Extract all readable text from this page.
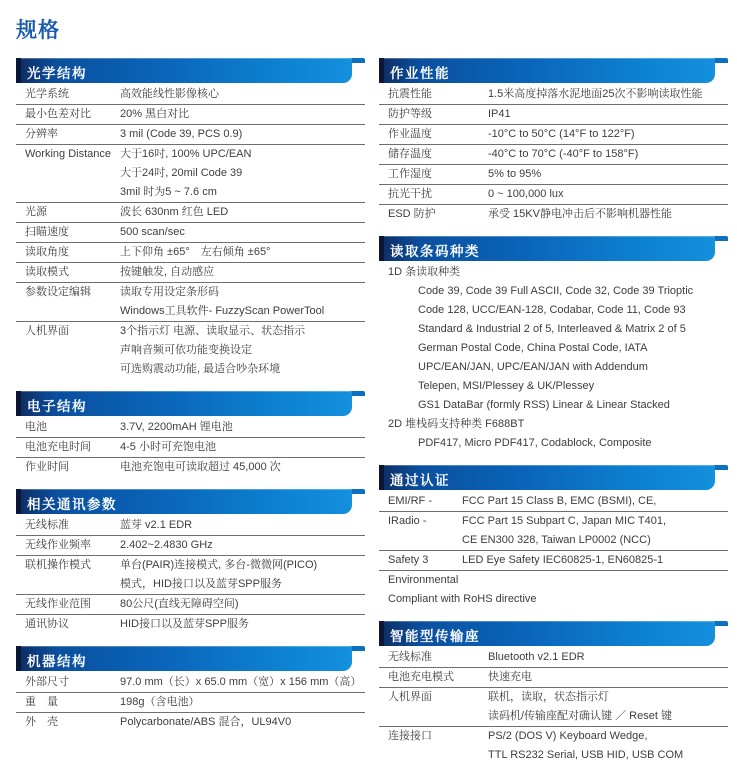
规格
光学结构
光学系统	高效能线性影像核心
最小色差对比	20% 黑白对比
分辨率	3 mil (Code 39, PCS 0.9)
Working Distance 大于16吋, 100% UPC/EAN
大于24吋, 20mil Code 39
3mil 时为5 ~ 7.6 cm
光源	波长 630nm 红色 LED
扫瞄速度	500 scan/sec
读取角度	上下仰角 ±65°　左右倾角 ±65°
读取模式	按键触发, 自动感应
参数设定编辑	读取专用设定条形码
Windows工具软件- FuzzyScan PowerTool
人机界面	3个指示灯 电源、读取显示、状态指示
声响音频可依功能变换设定
可选购震动功能, 最适合吵杂环境
电子结构
电池	3.7V, 2200mAH 锂电池
电池充电时间	4-5 小时可充饱电池
作业时间	电池充饱电可读取超过 45,000 次
相关通讯参数
无线标准	蓝芽 v2.1 EDR
无线作业频率	2.402~2.4830 GHz
联机操作模式	单台(PAIR)连接模式, 多台-微微网(PICO)
模式，HID接口以及蓝芽SPP服务
无线作业范围	80公尺(直线无障碍空间)
通讯协议	HID接口以及蓝芽SPP服务
机器结构
外部尺寸	97.0 mm（长）x 65.0 mm（宽）x 156 mm（高）
重　量	198g（含电池）
外　壳	Polycarbonate/ABS 混合，UL94V0
作业性能
抗震性能	1.5米高度掉落水泥地面25次不影响读取性能
防护等级	IP41
作业温度	-10°C to 50°C (14°F to 122°F)
储存温度	-40°C to 70°C (-40°F to 158°F)
工作湿度	5% to 95%
抗光干扰	0 ~ 100,000 lux
ESD 防护	承受 15KV静电冲击后不影响机器性能
读取条码种类
1D 条读取种类
Code 39, Code 39 Full ASCII, Code 32, Code 39 Trioptic
Code 128, UCC/EAN-128, Codabar, Code 11, Code 93
Standard & Industrial 2 of 5, Interleaved & Matrix 2 of 5
German Postal Code, China Postal Code, IATA
UPC/EAN/JAN, UPC/EAN/JAN with Addendum
Telepen, MSI/Plessey & UK/Plessey
GS1 DataBar (formly RSS) Linear & Linear Stacked
2D 堆栈码支持种类 F688BT
PDF417, Micro PDF417, Codablock, Composite
通过认证
EMI/RF -	FCC Part 15 Class B, EMC (BSMI), CE,
IRadio -	FCC Part 15 Subpart C, Japan MIC T401,
CE EN300 328, Taiwan LP0002 (NCC)
Safety 3	LED Eye Safety IEC60825-1, EN60825-1
Environmental
Compliant with RoHS directive
智能型传输座
无线标准	Bluetooth v2.1 EDR
电池充电模式	快速充电
人机界面	联机，读取，状态指示灯
读码机/传输座配对确认键 ／ Reset 键
连接接口	PS/2 (DOS V) Keyboard Wedge,
TTL RS232 Serial, USB HID, USB COM
